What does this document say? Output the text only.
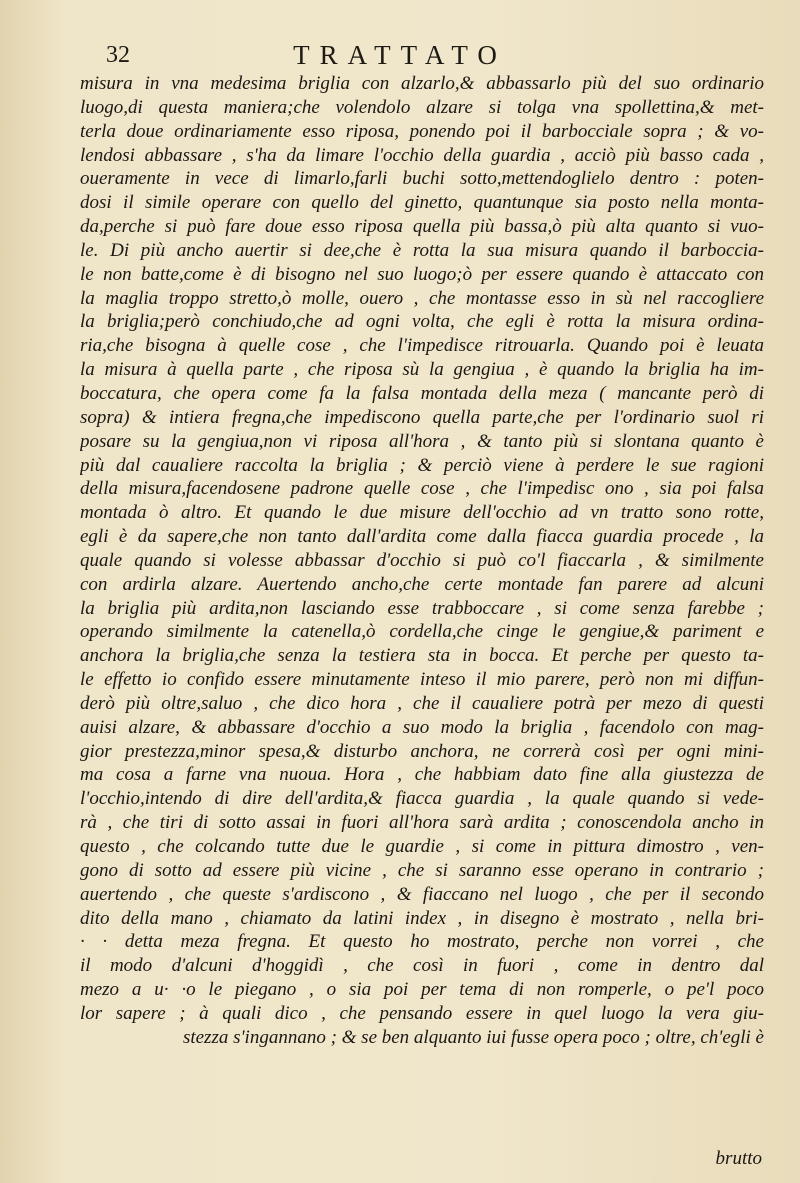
32	TRATTATO
misura in vna medesima briglia con alzarlo,& abbassarlo più del suo ordinario
luogo,di questa maniera;che volendolo alzare si tolga vna spollettina,& met-
terla doue ordinariamente esso riposa, ponendo poi il barbocciale sopra ; & vo-
lendosi abbassare , s'ha da limare l'occhio della guardia , acciò più basso cada ,
oueramente in vece di limarlo,farli buchi sotto,mettendoglielo dentro : poten-
dosi il simile operare con quello del ginetto, quantunque sia posto nella monta-
da,perche si può fare doue esso riposa quella più bassa,ò più alta quanto si vuo-
le. Di più ancho auertir si dee,che è rotta la sua misura quando il barboccia-
le non batte,come è di bisogno nel suo luogo;ò per essere quando è attaccato con
la maglia troppo stretto,ò molle, ouero , che montasse esso in sù nel raccogliere
la briglia;però conchiudo,che ad ogni volta, che egli è rotta la misura ordina-
ria,che bisogna à quelle cose , che l'impedisce ritrouarla. Quando poi è leuata
la misura à quella parte , che riposa sù la gengiua , è quando la briglia ha im-
boccatura, che opera come fa la falsa montada della meza ( mancante però di
sopra) & intiera fregna,che impediscono quella parte,che per l'ordinario suol ri
posare su la gengiua,non vi riposa all'hora , & tanto più si slontana quanto è
più dal caualiere raccolta la briglia ; & perciò viene à perdere le sue ragioni
della misura,facendosene padrone quelle cose , che l'impedisc ono , sia poi falsa
montada ò altro. Et quando le due misure dell'occhio ad vn tratto sono rotte,
egli è da sapere,che non tanto dall'ardita come dalla fiacca guardia procede , la
quale quando si volesse abbassar d'occhio si può co'l fiaccarla , & similmente
con ardirla alzare. Auertendo ancho,che certe montade fan parere ad alcuni
la briglia più ardita,non lasciando esse trabboccare , si come senza farebbe ;
operando similmente la catenella,ò cordella,che cinge le gengiue,& pariment e
anchora la briglia,che senza la testiera sta in bocca. Et perche per questo ta-
le effetto io confido essere minutamente inteso il mio parere, però non mi diffun-
derò più oltre,saluo , che dico hora , che il caualiere potrà per mezo di questi
auisi alzare, & abbassare d'occhio a suo modo la briglia , facendolo con mag-
gior prestezza,minor spesa,& disturbo anchora, ne correrà così per ogni mini-
ma cosa a farne vna nuoua. Hora , che habbiam dato fine alla giustezza de
l'occhio,intendo di dire dell'ardita,& fiacca guardia , la quale quando si vede-
rà , che tiri di sotto assai in fuori all'hora sarà ardita ; conoscendola ancho in
questo , che colcando tutte due le guardie , si come in pittura dimostro , ven-
gono di sotto ad essere più vicine , che si saranno esse operano in contrario ;
auertendo , che queste s'ardiscono , & fiaccano nel luogo , che per il secondo
dito della mano , chiamato da latini index , in disegno è mostrato , nella bri-
· · detta meza fregna. Et questo ho mostrato, perche non vorrei , che
il modo d'alcuni d'hoggidì , che così in fuori , come in dentro dal
mezo a u· ·o le piegano , o sia poi per tema di non romperle, o pe'l poco
lor sapere ; à quali dico , che pensando essere in quel luogo la vera giu-
stezza s'ingannano ; & se ben alquanto iui fusse opera poco ; oltre, ch'egli è
brutto
